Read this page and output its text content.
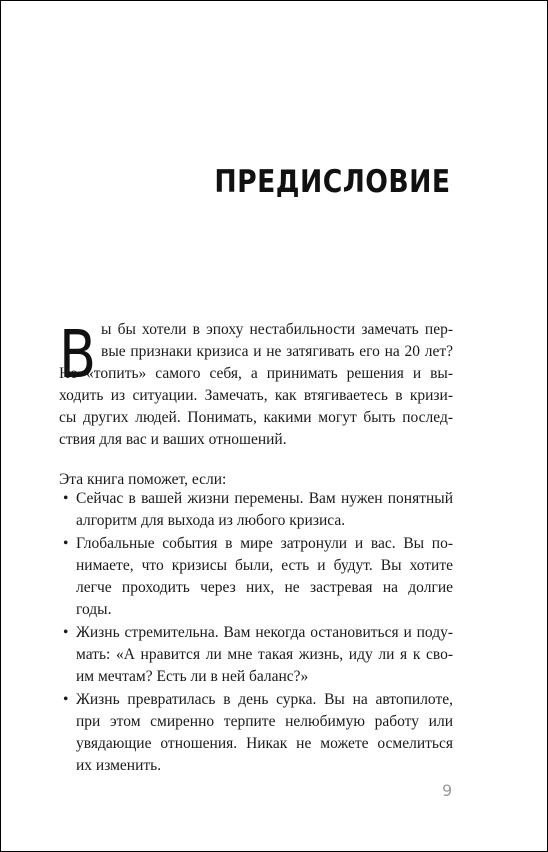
ПРЕДИСЛОВИЕ
В ы бы хотели в эпоху нестабильности замечать пер-
вые признаки кризиса и не затягивать его на 20 лет?
Не «топить» самого себя, а принимать решения и вы-
ходить из ситуации. Замечать, как втягиваетесь в кризи-
сы других людей. Понимать, какими могут быть послед-
ствия для вас и ваших отношений.

Эта книга поможет, если:

• Сейчас в вашей жизни перемены. Вам нужен понятный
алгоритм для выхода из любого кризиса.
• Глобальные события в мире затронули и вас. Вы по-
нимаете, что кризисы были, есть и будут. Вы хотите
легче проходить через них, не застревая на долгие
годы.
• Жизнь стремительна. Вам некогда остановиться и поду-
мать: «А нравится ли мне такая жизнь, иду ли я к сво-
им мечтам? Есть ли в ней баланс?»
• Жизнь превратилась в день сурка. Вы на автопилоте,
при этом смиренно терпите нелюбимую работу или
увядающие отношения. Никак не можете осмелиться
их изменить.
9
